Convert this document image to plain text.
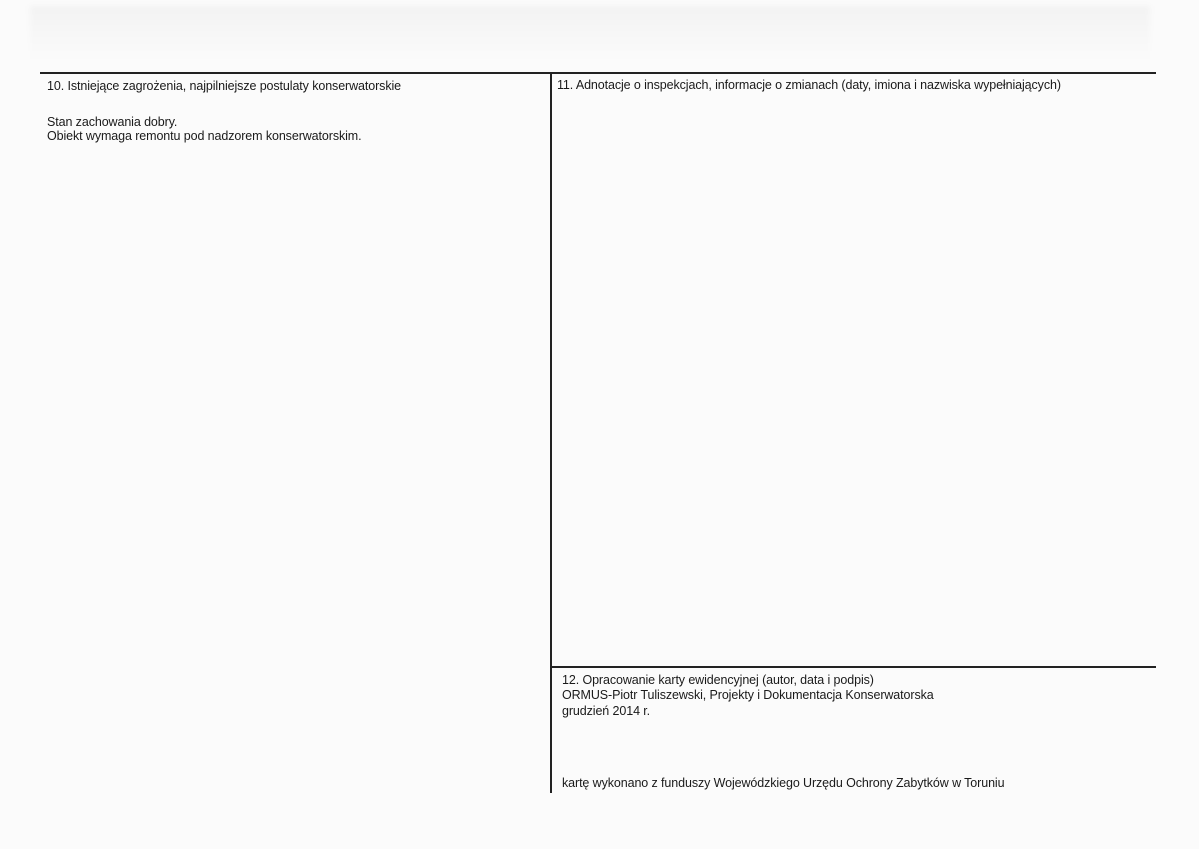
10. Istniejące zagrożenia, najpilniejsze postulaty konserwatorskie
Stan zachowania dobry.
Obiekt wymaga remontu pod nadzorem konserwatorskim.
11. Adnotacje o inspekcjach, informacje o zmianach (daty, imiona i nazwiska wypełniających)
12. Opracowanie karty ewidencyjnej (autor, data i podpis)
ORMUS-Piotr Tuliszewski, Projekty i Dokumentacja Konserwatorska
grudzień 2014 r.
kartę wykonano z funduszy Wojewódzkiego Urzędu Ochrony Zabytków w Toruniu
